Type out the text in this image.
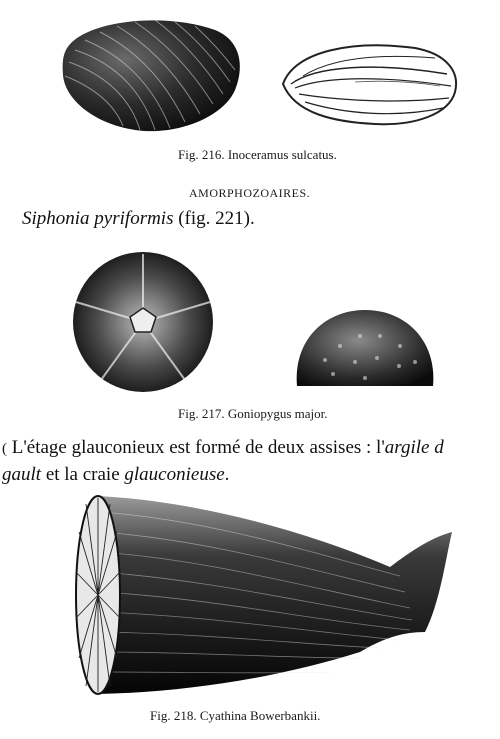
Fig. 216. Inoceramus sulcatus.
AMORPHOZOAIRES.
Siphonia pyriformis (fig. 221).
Fig. 217. Goniopygus major.
( L'étage glauconieux est formé de deux assises : l'argile d
gault et la craie glauconieuse.
Fig. 218. Cyathina Bowerbankii.
